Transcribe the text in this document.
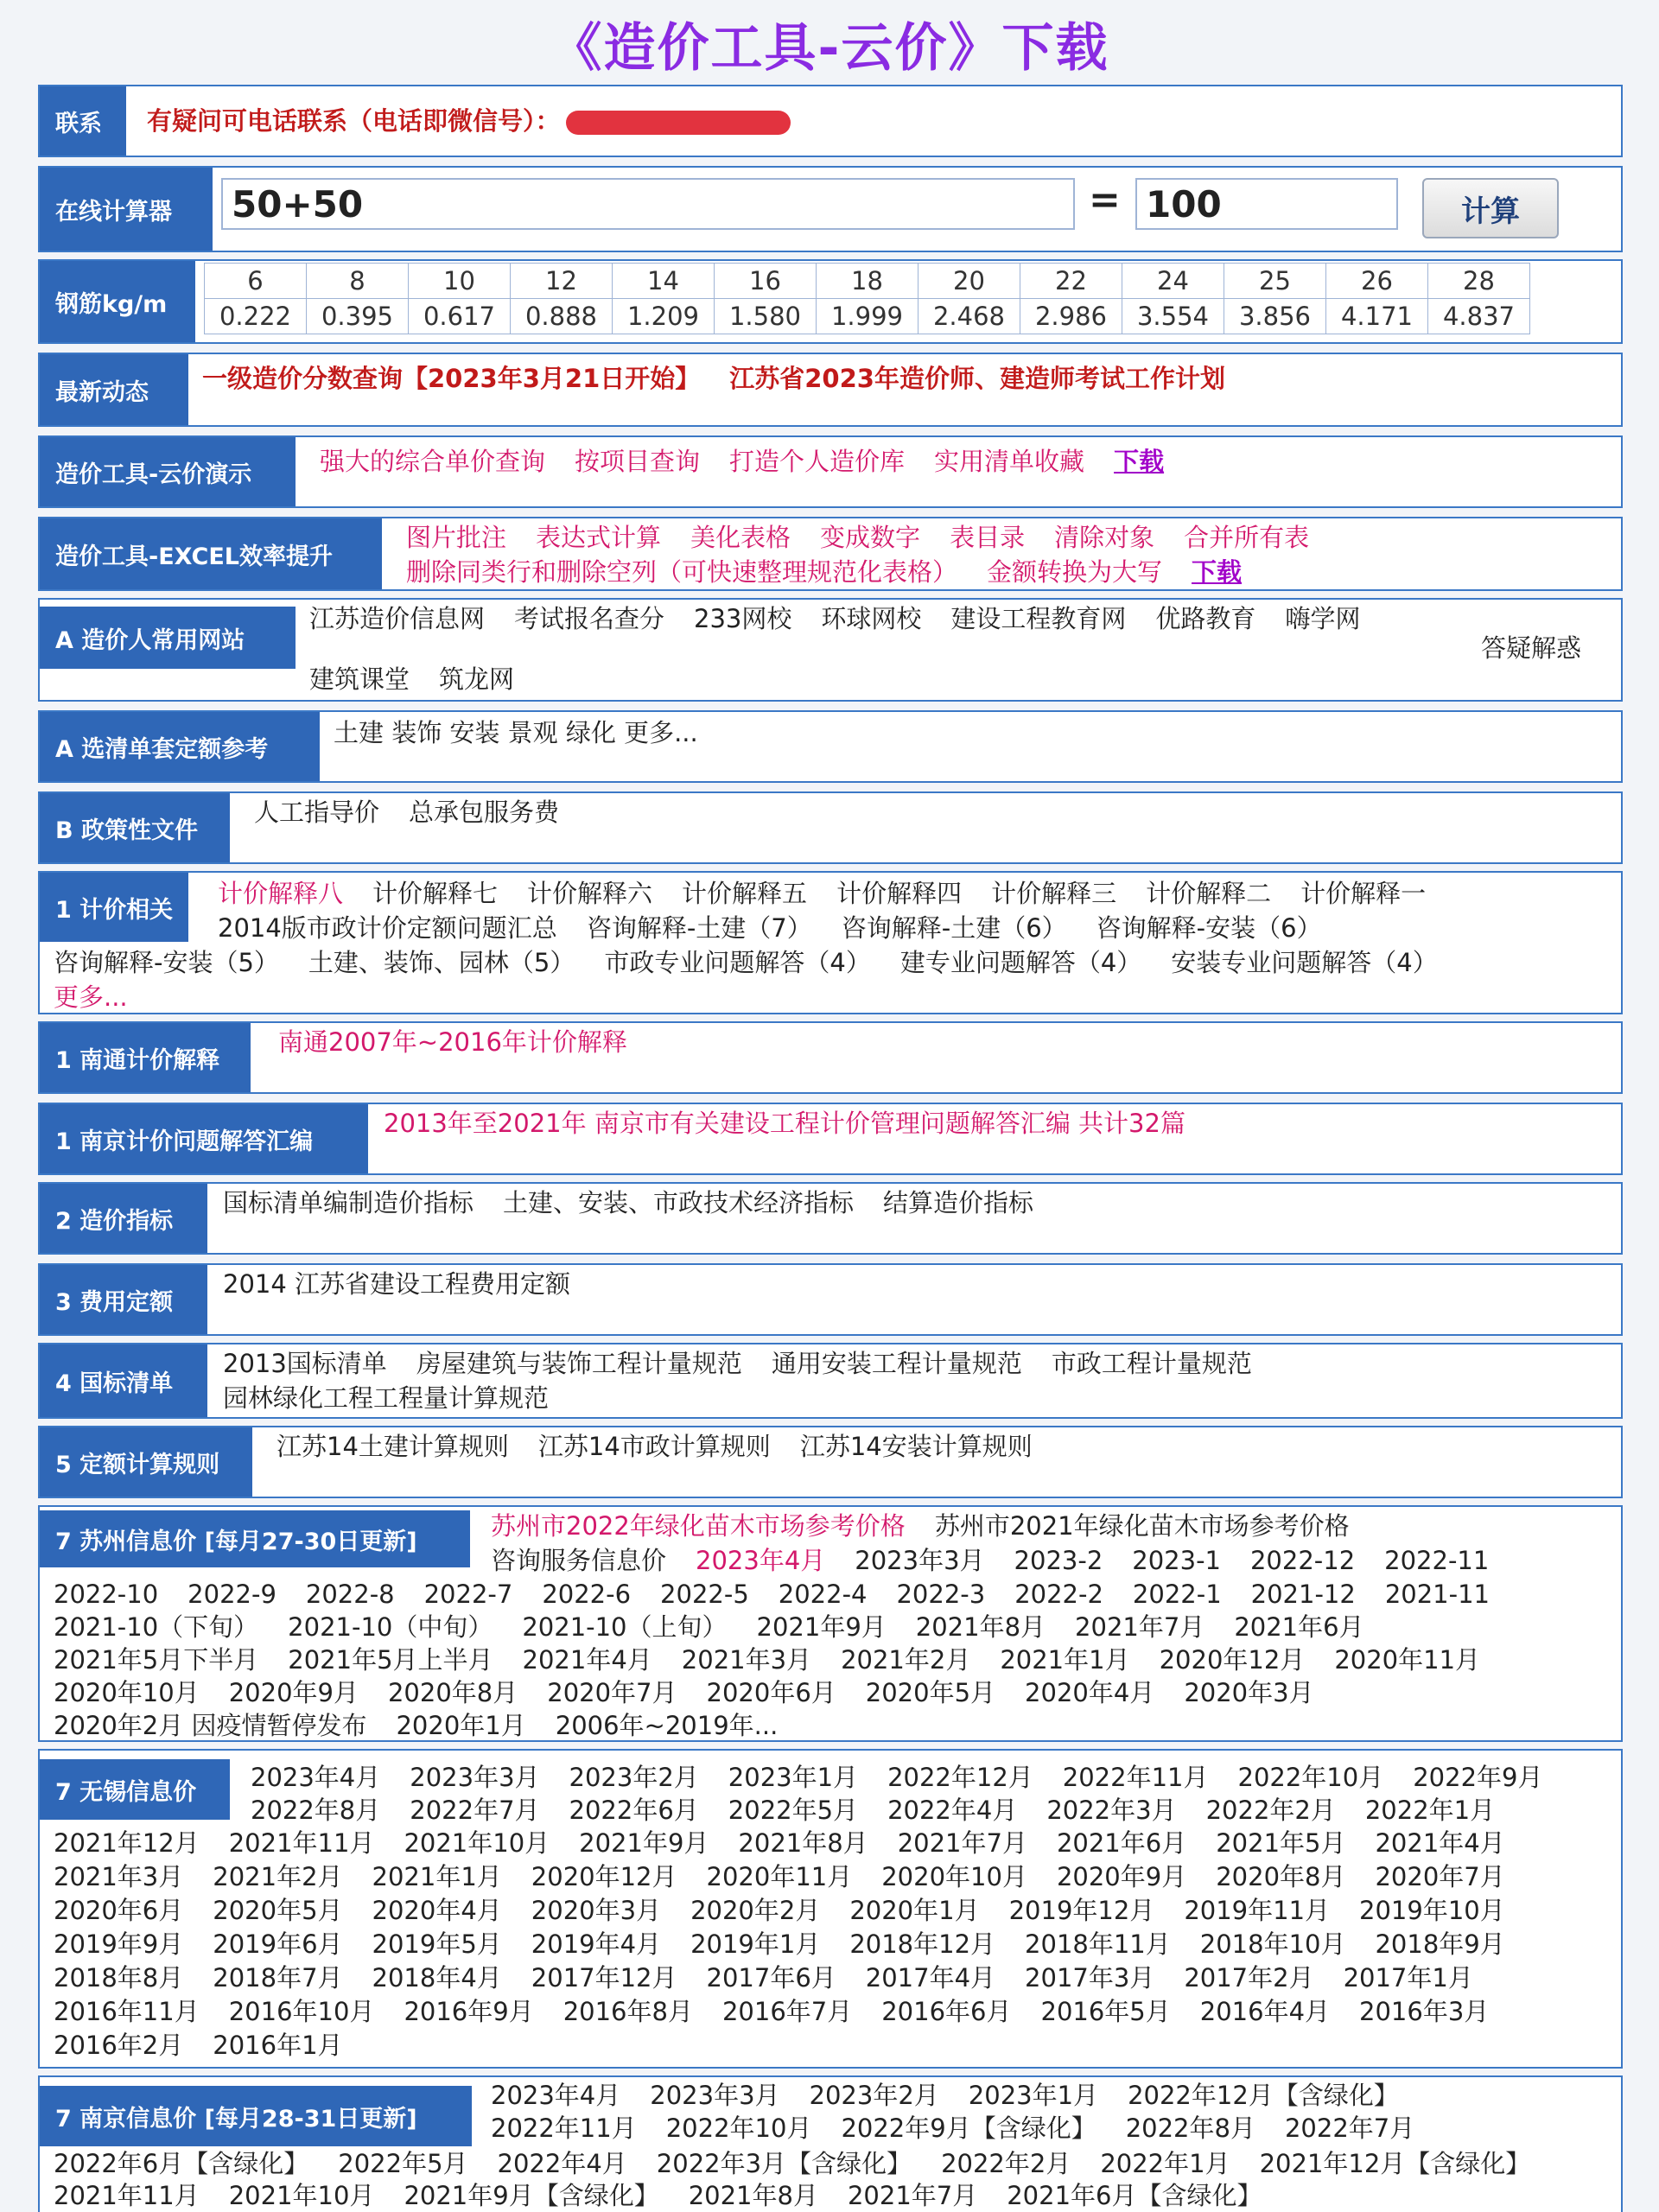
《造价工具-云价》下载
联系	有疑问可电话联系（电话即微信号）：
在线计算器	50+50	= 100	计算
钢筋kg/m
6	8	10	12	14	16	18	20	22	24	25	26	28
0.222	0.395	0.617	0.888	1.209	1.580	1.999	2.468	2.986	3.554	3.856	4.171	4.837
最新动态	一级造价分数查询【2023年3月21日开始】 江苏省2023年造价师、建造师考试工作计划
造价工具-云价演示	强大的综合单价查询 按项目查询 打造个人造价库 实用清单收藏 下载
造价工具-EXCEL效率提升
图片批注 表达式计算 美化表格 变成数字 表目录 清除对象 合并所有表
删除同类行和删除空列（可快速整理规范化表格） 金额转换为大写 下载
A 造价人常用网站
江苏造价信息网 考试报名查分 233网校 环球网校 建设工程教育网 优路教育 嗨学网
建筑课堂 筑龙网
答疑解惑
A 选清单套定额参考
土建 装饰 安装 景观 绿化 更多...
B 政策性文件
人工指导价 总承包服务费
1 计价相关
计价解释八 计价解释七 计价解释六 计价解释五 计价解释四 计价解释三 计价解释二 计价解释一
2014版市政计价定额问题汇总 咨询解释-土建（7） 咨询解释-土建（6） 咨询解释-安装（6）
咨询解释-安装（5） 土建、装饰、园林（5） 市政专业问题解答（4） 建专业问题解答（4） 安装专业问题解答（4）
更多...
1 南通计价解释
南通2007年~2016年计价解释
1 南京计价问题解答汇编
2013年至2021年 南京市有关建设工程计价管理问题解答汇编 共计32篇
2 造价指标
国标清单编制造价指标 土建、安装、市政技术经济指标 结算造价指标
3 费用定额
2014 江苏省建设工程费用定额
4 国标清单
2013国标清单 房屋建筑与装饰工程计量规范 通用安装工程计量规范 市政工程计量规范
园林绿化工程工程量计算规范
5 定额计算规则
江苏14土建计算规则 江苏14市政计算规则 江苏14安装计算规则
7 苏州信息价 [每月27-30日更新]
苏州市2022年绿化苗木市场参考价格 苏州市2021年绿化苗木市场参考价格
咨询服务信息价 2023年4月 2023年3月 2023-2 2023-1 2022-12 2022-11
2022-10 2022-9 2022-8 2022-7 2022-6 2022-5 2022-4 2022-3 2022-2 2022-1 2021-12 2021-11
2021-10（下旬） 2021-10（中旬） 2021-10（上旬） 2021年9月 2021年8月 2021年7月 2021年6月
2021年5月下半月 2021年5月上半月 2021年4月 2021年3月 2021年2月 2021年1月 2020年12月 2020年11月
2020年10月 2020年9月 2020年8月 2020年7月 2020年6月 2020年5月 2020年4月 2020年3月
2020年2月 因疫情暂停发布 2020年1月 2006年~2019年...
7 无锡信息价	2023年4月 2023年3月 2023年2月 2023年1月 2022年12月 2022年11月 2022年10月 2022年9月
2022年8月 2022年7月 2022年6月 2022年5月 2022年4月 2022年3月 2022年2月 2022年1月
2021年12月 2021年11月 2021年10月 2021年9月 2021年8月 2021年7月 2021年6月 2021年5月 2021年4月
2021年3月 2021年2月 2021年1月 2020年12月 2020年11月 2020年10月 2020年9月 2020年8月 2020年7月
2020年6月 2020年5月 2020年4月 2020年3月 2020年2月 2020年1月 2019年12月 2019年11月 2019年10月
2019年9月 2019年6月 2019年5月 2019年4月 2019年1月 2018年12月 2018年11月 2018年10月 2018年9月
2018年8月 2018年7月 2018年4月 2017年12月 2017年6月 2017年4月 2017年3月 2017年2月 2017年1月
2016年11月 2016年10月 2016年9月 2016年8月 2016年7月 2016年6月 2016年5月 2016年4月 2016年3月
2016年2月 2016年1月
7 南京信息价 [每月28-31日更新]
2023年4月 2023年3月 2023年2月 2023年1月 2022年12月【含绿化】
2022年11月 2022年10月 2022年9月【含绿化】 2022年8月 2022年7月
2022年6月【含绿化】 2022年5月 2022年4月 2022年3月【含绿化】 2022年2月 2022年1月 2021年12月【含绿化】
2021年11月 2021年10月 2021年9月【含绿化】 2021年8月 2021年7月 2021年6月【含绿化】
